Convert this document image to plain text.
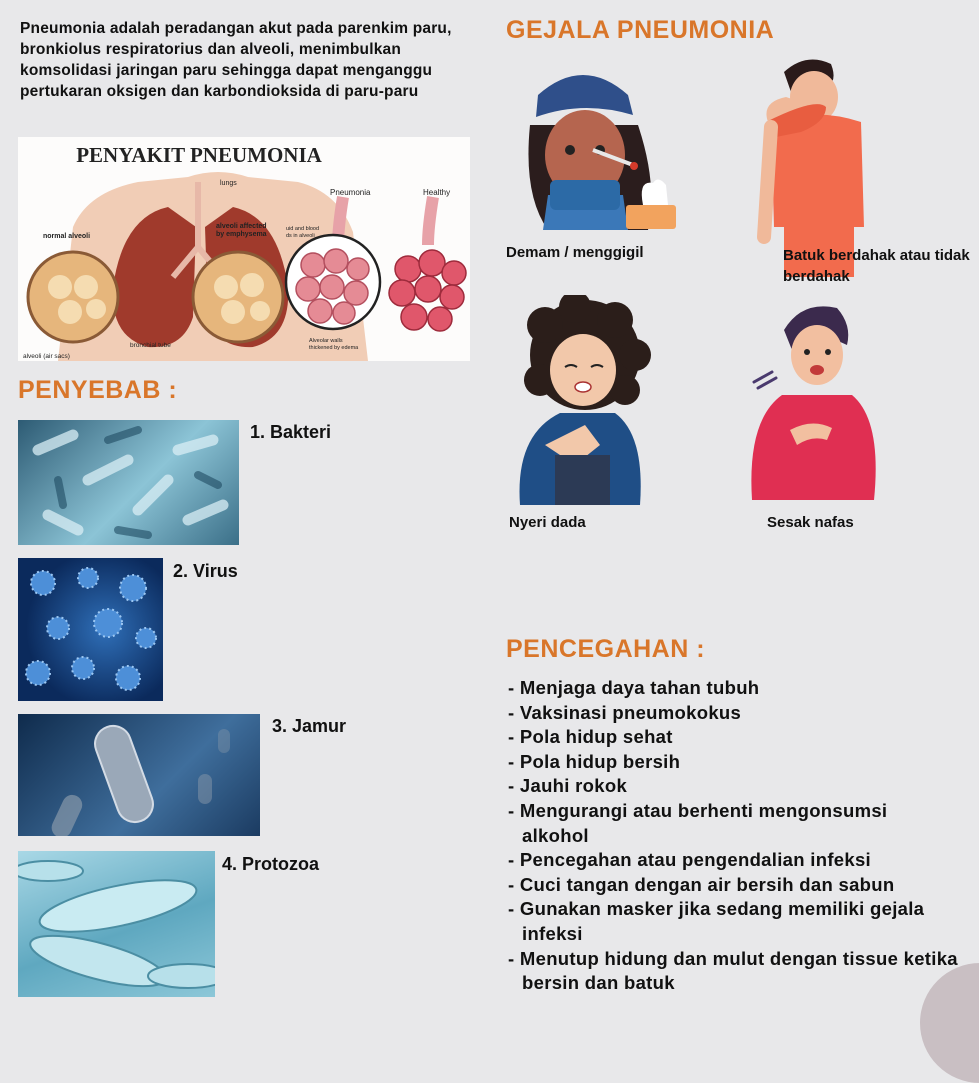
Pneumonia adalah peradangan akut pada parenkim paru, bronkiolus respiratorius dan alveoli, menimbulkan komsolidasi jaringan paru sehingga dapat menganggu pertukaran oksigen dan karbondioksida di paru-paru
PENYAKIT PNEUMONIA
lungs
normal alveoli
alveoli affected by emphysema
bronchial tube
alveoli (air sacs)
uid and blood ds in alveoli
Pneumonia	Healthy
Alveolar walls thickened by edema
PENYEBAB :
1. Bakteri
2. Virus
3. Jamur
4. Protozoa
GEJALA PNEUMONIA
Demam / menggigil	Batuk berdahak atau tidak berdahak
Nyeri dada	Sesak nafas
PENCEGAHAN :
- Menjaga daya tahan tubuh
- Vaksinasi pneumokokus
- Pola hidup sehat
- Pola hidup bersih
- Jauhi rokok
- Mengurangi atau berhenti mengonsumsi alkohol
- Pencegahan atau pengendalian infeksi
- Cuci tangan dengan air bersih dan sabun
- Gunakan masker jika sedang memiliki gejala infeksi
- Menutup hidung dan mulut dengan tissue ketika bersin dan batuk
